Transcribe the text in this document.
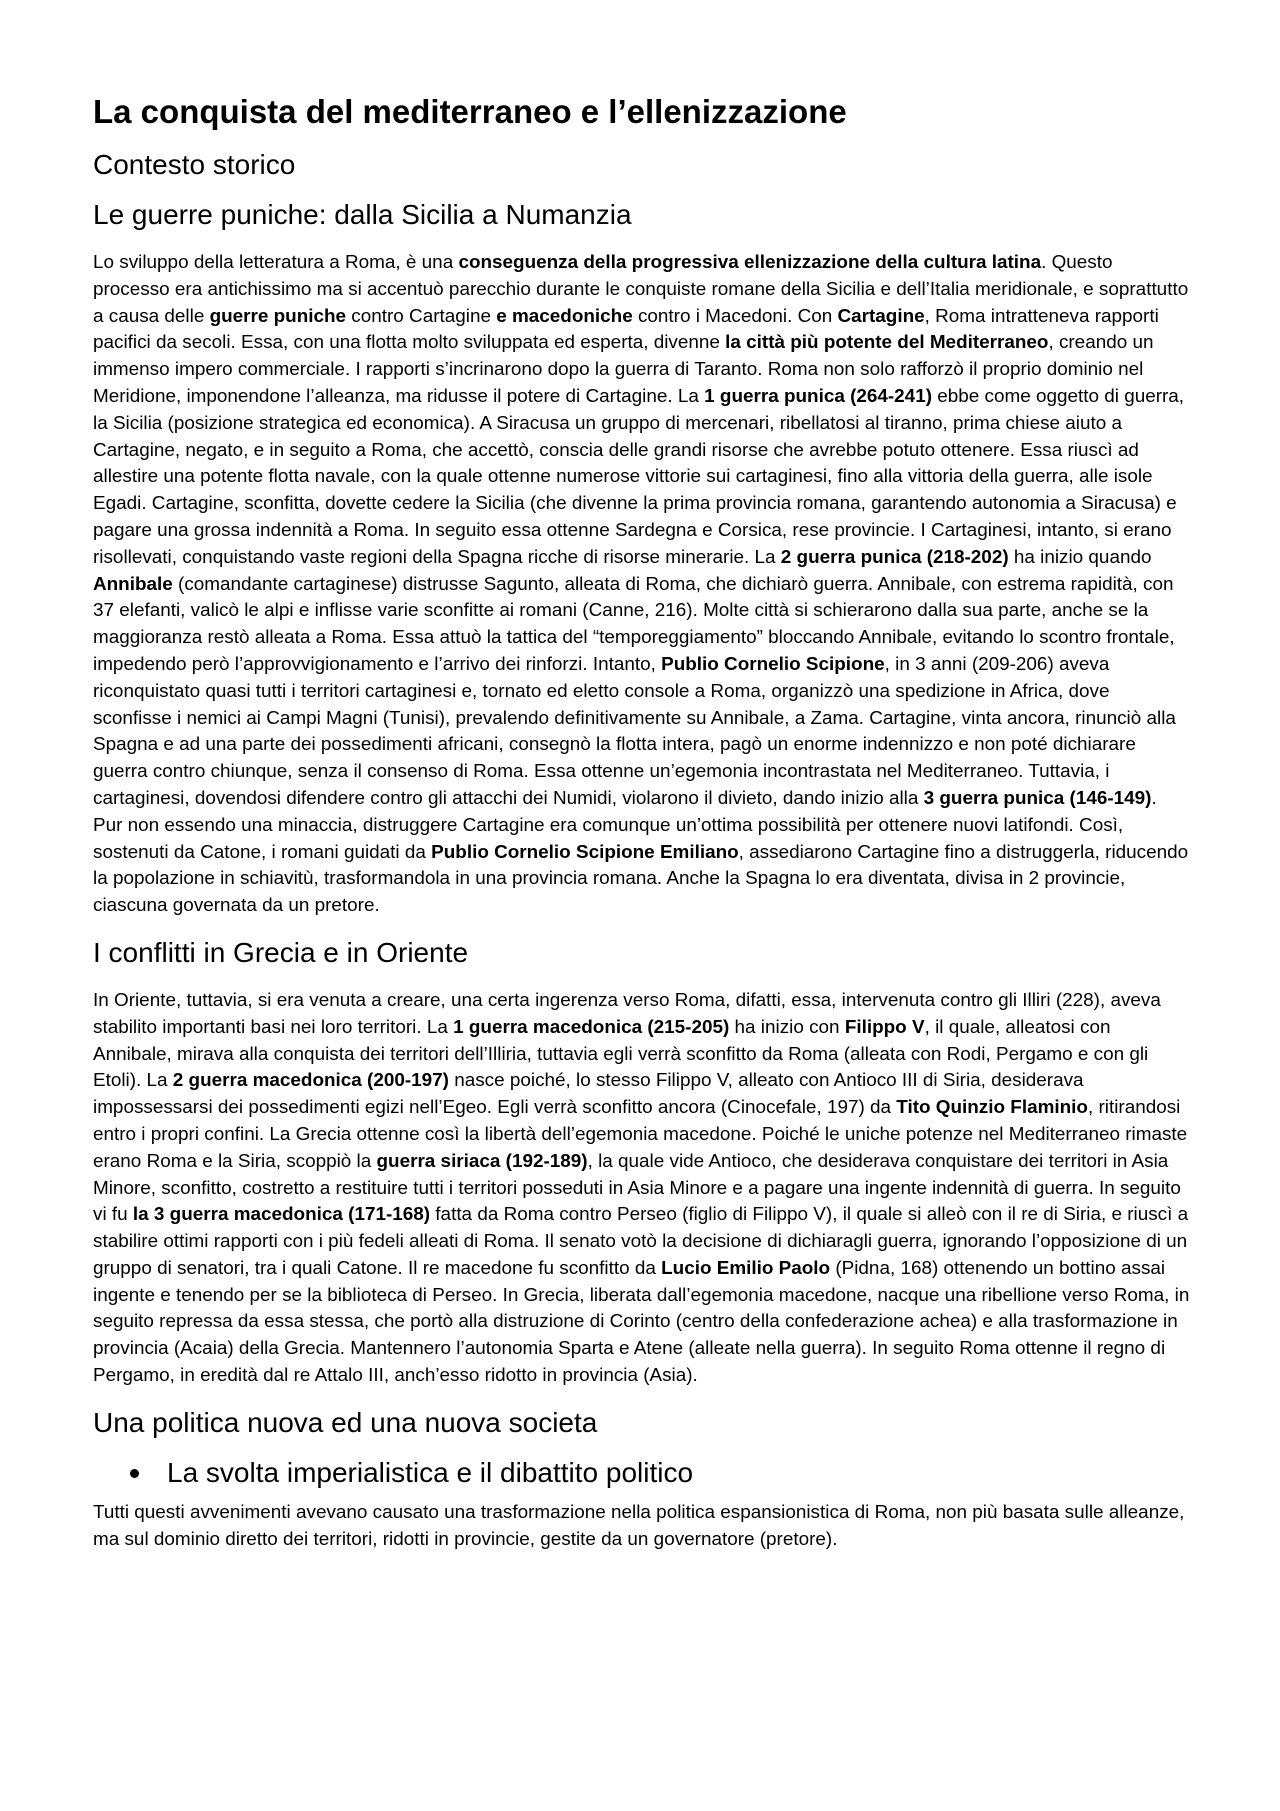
La conquista del mediterraneo e l’ellenizzazione
Contesto storico
Le guerre puniche: dalla Sicilia a Numanzia

Lo sviluppo della letteratura a Roma, è una conseguenza della progressiva ellenizzazione della cultura latina. Questo processo era antichissimo ma si accentuò parecchio durante le conquiste romane della Sicilia e dell’Italia meridionale, e soprattutto a causa delle guerre puniche contro Cartagine e macedoniche contro i Macedoni. Con Cartagine, Roma intratteneva rapporti pacifici da secoli. Essa, con una flotta molto sviluppata ed esperta, divenne la città più potente del Mediterraneo, creando un immenso impero commerciale. I rapporti s’incrinarono dopo la guerra di Taranto. Roma non solo rafforzò il proprio dominio nel Meridione, imponendone l’alleanza, ma ridusse il potere di Cartagine. La 1 guerra punica (264-241) ebbe come oggetto di guerra, la Sicilia (posizione strategica ed economica). A Siracusa un gruppo di mercenari, ribellatosi al tiranno, prima chiese aiuto a Cartagine, negato, e in seguito a Roma, che accettò, conscia delle grandi risorse che avrebbe potuto ottenere. Essa riuscì ad allestire una potente flotta navale, con la quale ottenne numerose vittorie sui cartaginesi, fino alla vittoria della guerra, alle isole Egadi. Cartagine, sconfitta, dovette cedere la Sicilia (che divenne la prima provincia romana, garantendo autonomia a Siracusa) e pagare una grossa indennità a Roma. In seguito essa ottenne Sardegna e Corsica, rese provincie. I Cartaginesi, intanto, si erano risollevati, conquistando vaste regioni della Spagna ricche di risorse minerarie. La 2 guerra punica (218-202) ha inizio quando Annibale (comandante cartaginese) distrusse Sagunto, alleata di Roma, che dichiarò guerra. Annibale, con estrema rapidità, con 37 elefanti, valicò le alpi e inflisse varie sconfitte ai romani (Canne, 216). Molte città si schierarono dalla sua parte, anche se la maggioranza restò alleata a Roma. Essa attuò la tattica del “temporeggiamento” bloccando Annibale, evitando lo scontro frontale, impedendo però l’approvvigionamento e l’arrivo dei rinforzi. Intanto, Publio Cornelio Scipione, in 3 anni (209-206) aveva riconquistato quasi tutti i territori cartaginesi e, tornato ed eletto console a Roma, organizzò una spedizione in Africa, dove sconfisse i nemici ai Campi Magni (Tunisi), prevalendo definitivamente su Annibale, a Zama. Cartagine, vinta ancora, rinunciò alla Spagna e ad una parte dei possedimenti africani, consegnò la flotta intera, pagò un enorme indennizzo e non poté dichiarare guerra contro chiunque, senza il consenso di Roma. Essa ottenne un’egemonia incontrastata nel Mediterraneo. Tuttavia, i cartaginesi, dovendosi difendere contro gli attacchi dei Numidi, violarono il divieto, dando inizio alla 3 guerra punica (146-149). Pur non essendo una minaccia, distruggere Cartagine era comunque un’ottima possibilità per ottenere nuovi latifondi. Così, sostenuti da Catone, i romani guidati da Publio Cornelio Scipione Emiliano, assediarono Cartagine fino a distruggerla, riducendo la popolazione in schiavitù, trasformandola in una provincia romana. Anche la Spagna lo era diventata, divisa in 2 provincie, ciascuna governata da un pretore.

I conflitti in Grecia e in Oriente

In Oriente, tuttavia, si era venuta a creare, una certa ingerenza verso Roma, difatti, essa, intervenuta contro gli Illiri (228), aveva stabilito importanti basi nei loro territori. La 1 guerra macedonica (215-205) ha inizio con Filippo V, il quale, alleatosi con Annibale, mirava alla conquista dei territori dell’Illiria, tuttavia egli verrà sconfitto da Roma (alleata con Rodi, Pergamo e con gli Etoli). La 2 guerra macedonica (200-197) nasce poiché, lo stesso Filippo V, alleato con Antioco III di Siria, desiderava impossessarsi dei possedimenti egizi nell’Egeo. Egli verrà sconfitto ancora (Cinocefale, 197) da Tito Quinzio Flaminio, ritirandosi entro i propri confini. La Grecia ottenne così la libertà dell’egemonia macedone. Poiché le uniche potenze nel Mediterraneo rimaste erano Roma e la Siria, scoppiò la guerra siriaca (192-189), la quale vide Antioco, che desiderava conquistare dei territori in Asia Minore, sconfitto, costretto a restituire tutti i territori posseduti in Asia Minore e a pagare una ingente indennità di guerra. In seguito vi fu la 3 guerra macedonica (171-168) fatta da Roma contro Perseo (figlio di Filippo V), il quale si alleò con il re di Siria, e riuscì a stabilire ottimi rapporti con i più fedeli alleati di Roma. Il senato votò la decisione di dichiaragli guerra, ignorando l’opposizione di un gruppo di senatori, tra i quali Catone. Il re macedone fu sconfitto da Lucio Emilio Paolo (Pidna, 168) ottenendo un bottino assai ingente e tenendo per se la biblioteca di Perseo. In Grecia, liberata dall’egemonia macedone, nacque una ribellione verso Roma, in seguito repressa da essa stessa, che portò alla distruzione di Corinto (centro della confederazione achea) e alla trasformazione in provincia (Acaia) della Grecia. Mantennero l’autonomia Sparta e Atene (alleate nella guerra). In seguito Roma ottenne il regno di Pergamo, in eredità dal re Attalo III, anch’esso ridotto in provincia (Asia).

Una politica nuova ed una nuova societa
La svolta imperialistica e il dibattito politico

Tutti questi avvenimenti avevano causato una trasformazione nella politica espansionistica di Roma, non più basata sulle alleanze, ma sul dominio diretto dei territori, ridotti in provincie, gestite da un governatore (pretore).
